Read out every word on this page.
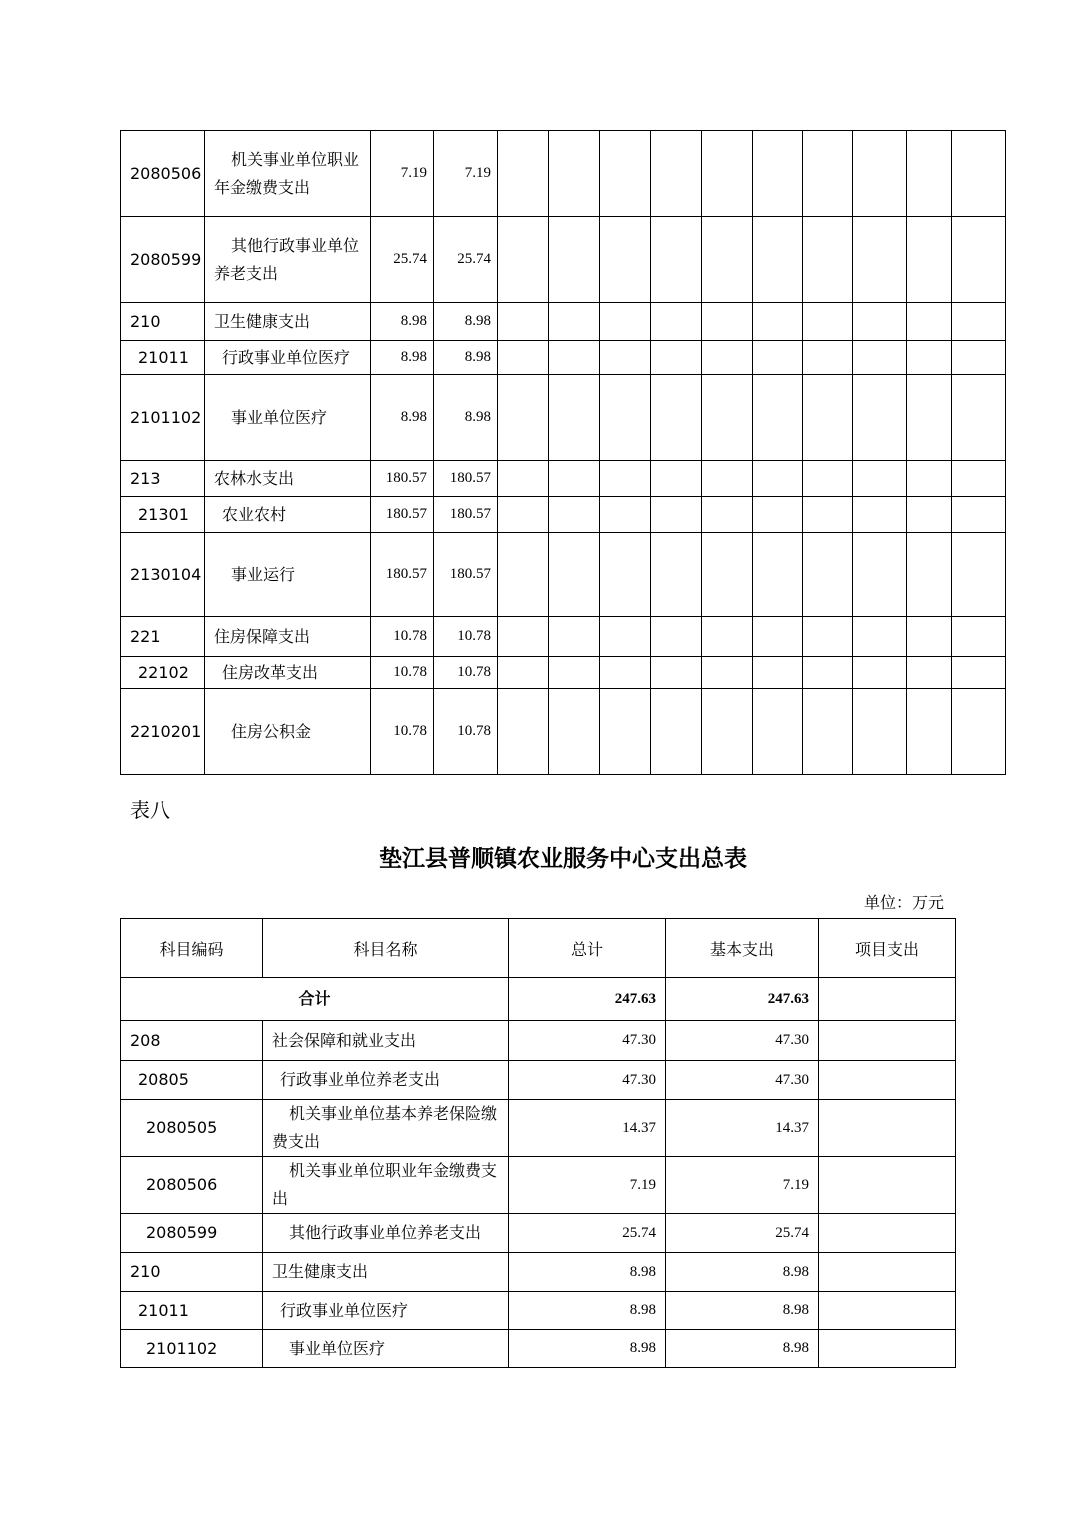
2080506	机关事业单位职业年金缴费支出	7.19	7.19										
2080599	其他行政事业单位养老支出	25.74	25.74										
210	卫生健康支出	8.98	8.98										
21011	行政事业单位医疗	8.98	8.98										
2101102	事业单位医疗	8.98	8.98										
213	农林水支出	180.57	180.57										
21301	农业农村	180.57	180.57										
2130104	事业运行	180.57	180.57										
221	住房保障支出	10.78	10.78										
22102	住房改革支出	10.78	10.78										
2210201	住房公积金	10.78	10.78										
表八
垫江县普顺镇农业服务中心支出总表
单位：万元
科目编码	科目名称	总计	基本支出	项目支出
合计		247.63	247.63	
208	社会保障和就业支出	47.30	47.30	
20805	行政事业单位养老支出	47.30	47.30	
2080505	机关事业单位基本养老保险缴费支出	14.37	14.37	
2080506	机关事业单位职业年金缴费支出	7.19	7.19	
2080599	其他行政事业单位养老支出	25.74	25.74	
210	卫生健康支出	8.98	8.98	
21011	行政事业单位医疗	8.98	8.98	
2101102	事业单位医疗	8.98	8.98	
